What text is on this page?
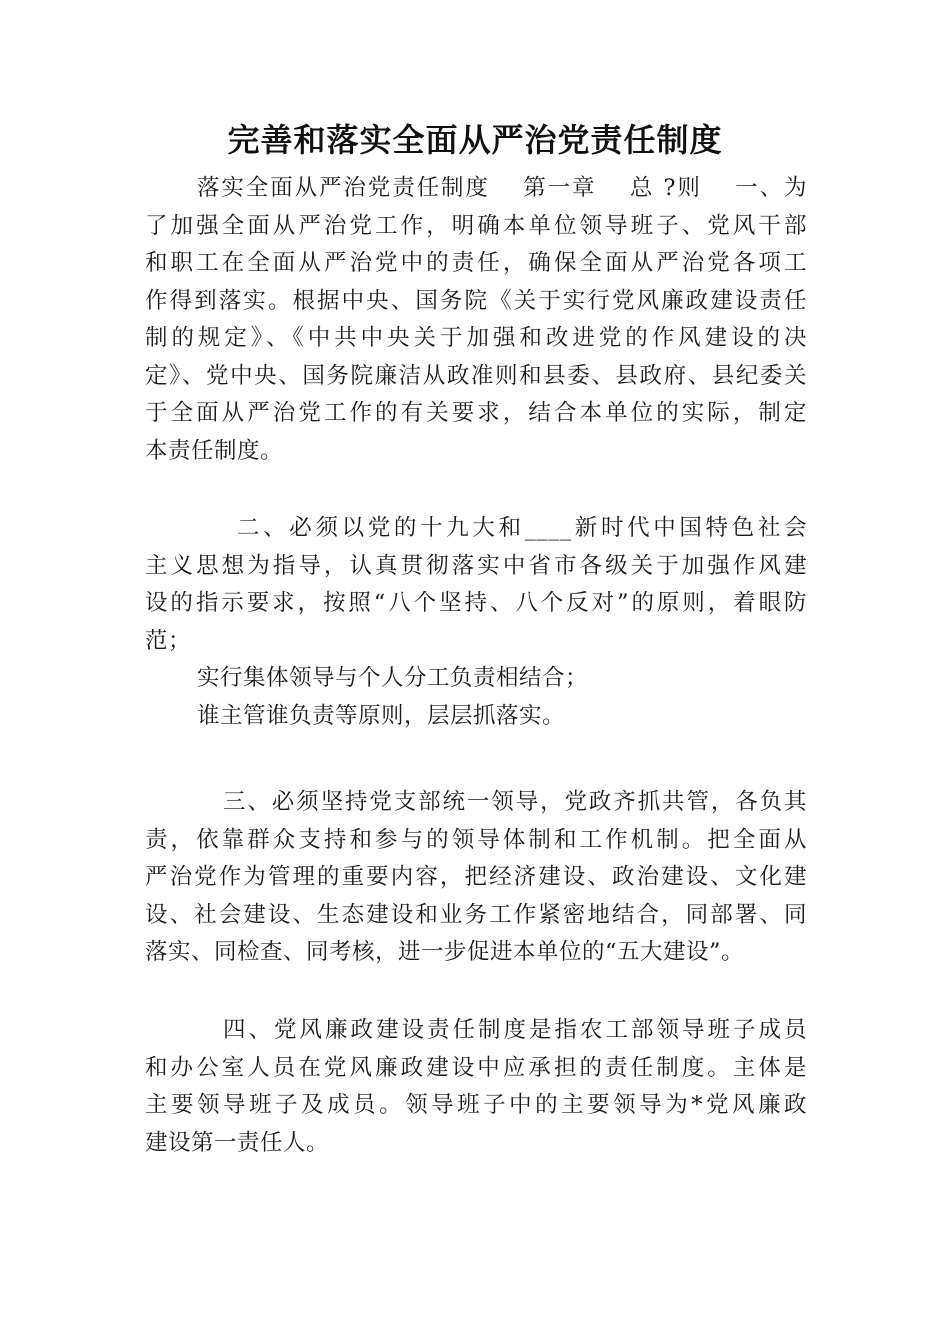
完善和落实全面从严治党责任制度
落实全面从严治党责任制度　 第一章　 总 ?则　 一、为
了加强全面从严治党工作，明确本单位领导班子、党风干部
和职工在全面从严治党中的责任，确保全面从严治党各项工
作得到落实。根据中央、国务院《关于实行党风廉政建设责任
制的规定》、《中共中央关于加强和改进党的作风建设的决
定》、党中央、国务院廉洁从政准则和县委、县政府、县纪委关
于全面从严治党工作的有关要求，结合本单位的实际，制定
本责任制度。
二、必须以党的十九大和____新时代中国特色社会
主义思想为指导，认真贯彻落实中省市各级关于加强作风建
设的指示要求，按照“八个坚持、八个反对”的原则，着眼防
范；
实行集体领导与个人分工负责相结合；
谁主管谁负责等原则，层层抓落实。
三、必须坚持党支部统一领导，党政齐抓共管，各负其
责，依靠群众支持和参与的领导体制和工作机制。把全面从
严治党作为管理的重要内容，把经济建设、政治建设、文化建
设、社会建设、生态建设和业务工作紧密地结合，同部署、同
落实、同检查、同考核，进一步促进本单位的“五大建设”。
四、党风廉政建设责任制度是指农工部领导班子成员
和办公室人员在党风廉政建设中应承担的责任制度。主体是
主要领导班子及成员。领导班子中的主要领导为*党风廉政
建设第一责任人。
